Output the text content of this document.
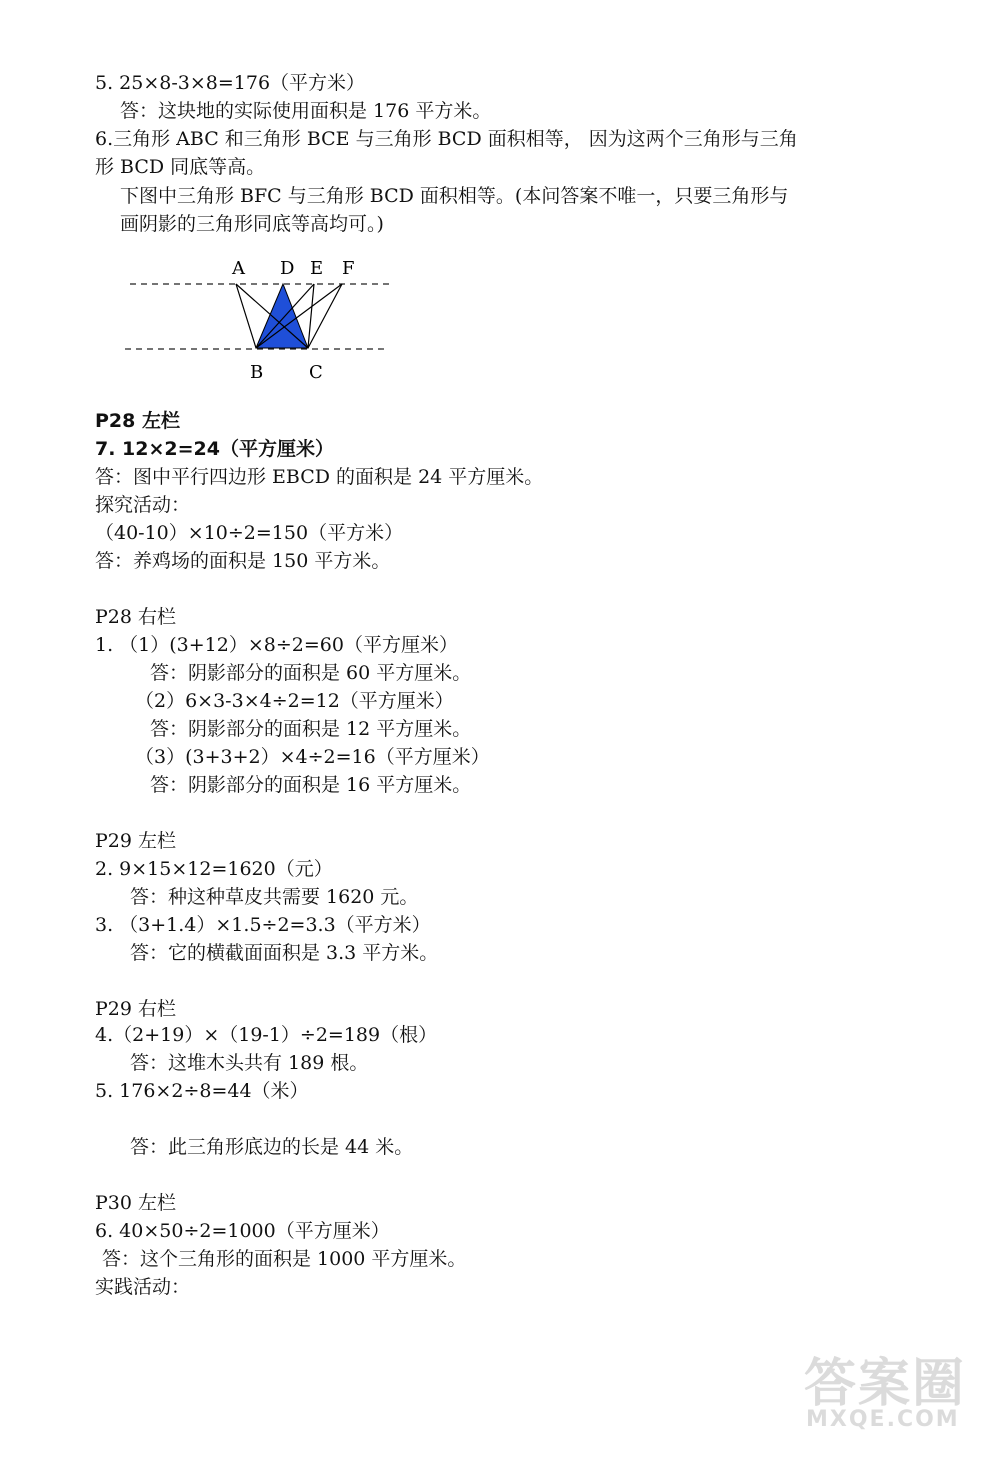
5. 25×8-3×8=176（平方米）
答：这块地的实际使用面积是 176 平方米。
6.三角形 ABC 和三角形 BCE 与三角形 BCD 面积相等， 因为这两个三角形与三角
形 BCD 同底等高。
下图中三角形 BFC 与三角形 BCD 面积相等。(本问答案不唯一，只要三角形与
画阴影的三角形同底等高均可。)
A D E F
B	C
P28 左栏
7. 12×2=24（平方厘米）
答：图中平行四边形 EBCD 的面积是 24 平方厘米。
探究活动：
（40-10）×10÷2=150（平方米）
答：养鸡场的面积是 150 平方米。
P28 右栏
1. （1）(3+12）×8÷2=60（平方厘米）
答：阴影部分的面积是 60 平方厘米。
（2）6×3-3×4÷2=12（平方厘米）
答：阴影部分的面积是 12 平方厘米。
（3）(3+3+2）×4÷2=16（平方厘米）
答：阴影部分的面积是 16 平方厘米。
P29 左栏
2. 9×15×12=1620（元）
答：种这种草皮共需要 1620 元。
3. （3+1.4）×1.5÷2=3.3（平方米）
答：它的横截面面积是 3.3 平方米。
P29 右栏
4.（2+19）×（19-1）÷2=189（根）
答：这堆木头共有 189 根。
5. 176×2÷8=44（米）
答：此三角形底边的长是 44 米。
P30 左栏
6. 40×50÷2=1000（平方厘米）
答：这个三角形的面积是 1000 平方厘米。
实践活动：
答案圈
MXQE.COM
